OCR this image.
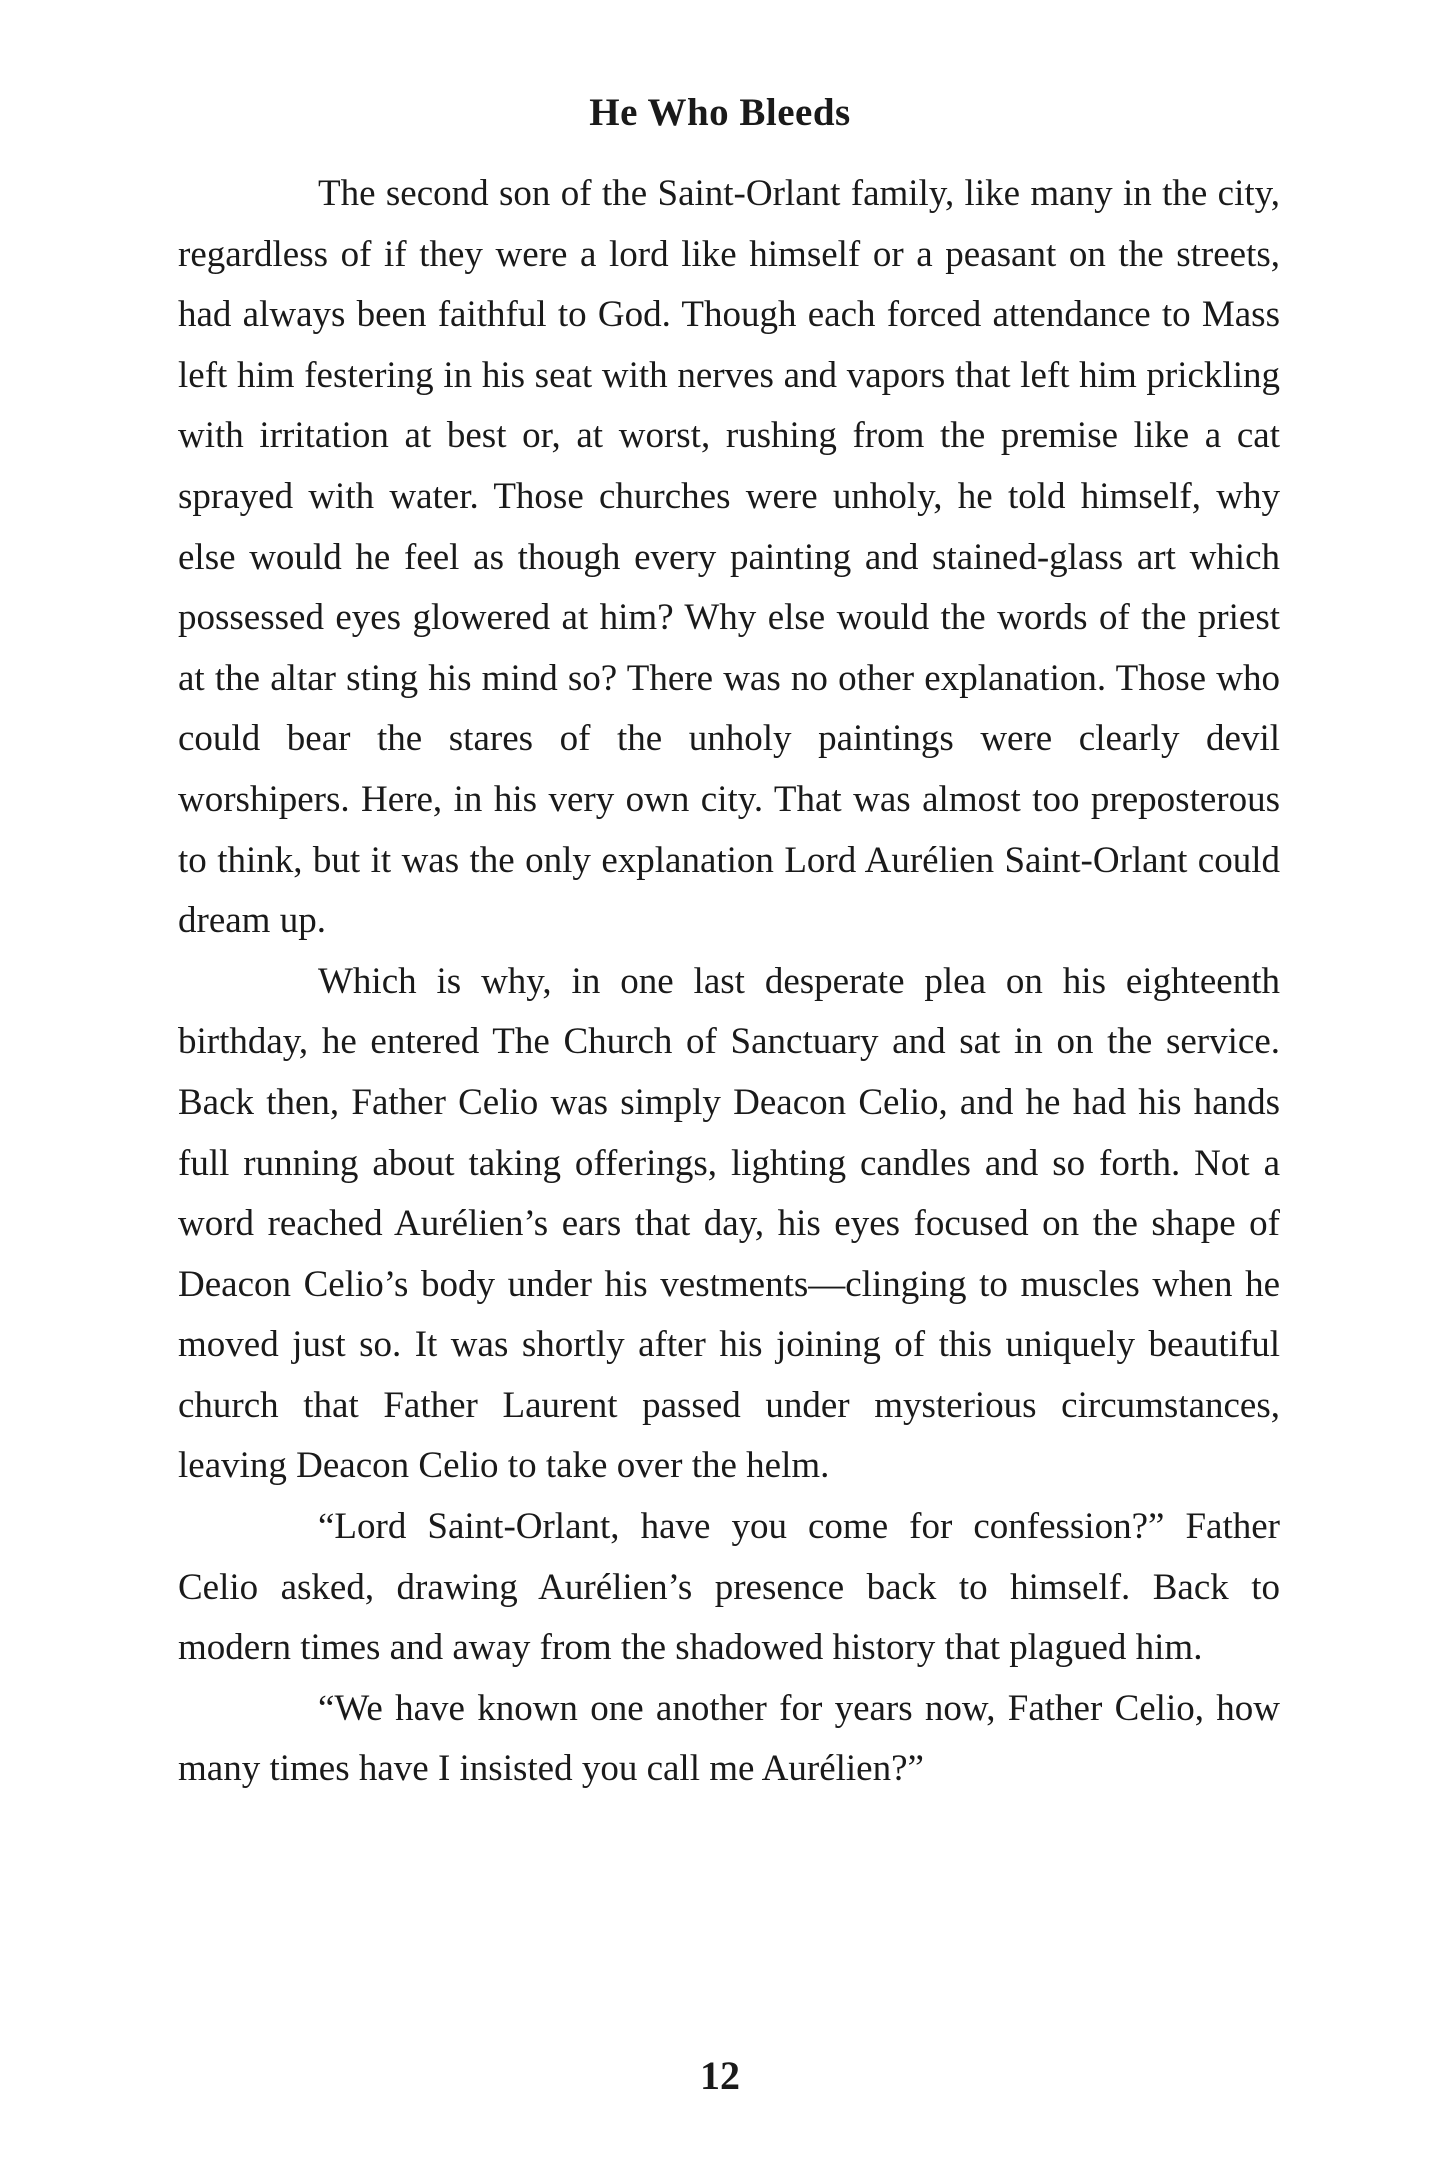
He Who Bleeds

The second son of the Saint-Orlant family, like many in the city, regardless of if they were a lord like himself or a peasant on the streets, had always been faithful to God. Though each forced attendance to Mass left him festering in his seat with nerves and vapors that left him prickling with irritation at best or, at worst, rushing from the premise like a cat sprayed with water. Those churches were unholy, he told himself, why else would he feel as though every painting and stained-glass art which possessed eyes glowered at him? Why else would the words of the priest at the altar sting his mind so? There was no other explanation. Those who could bear the stares of the unholy paintings were clearly devil worshipers. Here, in his very own city. That was almost too preposterous to think, but it was the only explanation Lord Aurélien Saint-Orlant could dream up.

Which is why, in one last desperate plea on his eighteenth birthday, he entered The Church of Sanctuary and sat in on the service. Back then, Father Celio was simply Deacon Celio, and he had his hands full running about taking offerings, lighting candles and so forth. Not a word reached Aurélien’s ears that day, his eyes focused on the shape of Deacon Celio’s body under his vestments—clinging to muscles when he moved just so. It was shortly after his joining of this uniquely beautiful church that Father Laurent passed under mysterious circumstances, leaving Deacon Celio to take over the helm.

“Lord Saint-Orlant, have you come for confession?” Father Celio asked, drawing Aurélien’s presence back to himself. Back to modern times and away from the shadowed history that plagued him.

“We have known one another for years now, Father Celio, how many times have I insisted you call me Aurélien?”

12
